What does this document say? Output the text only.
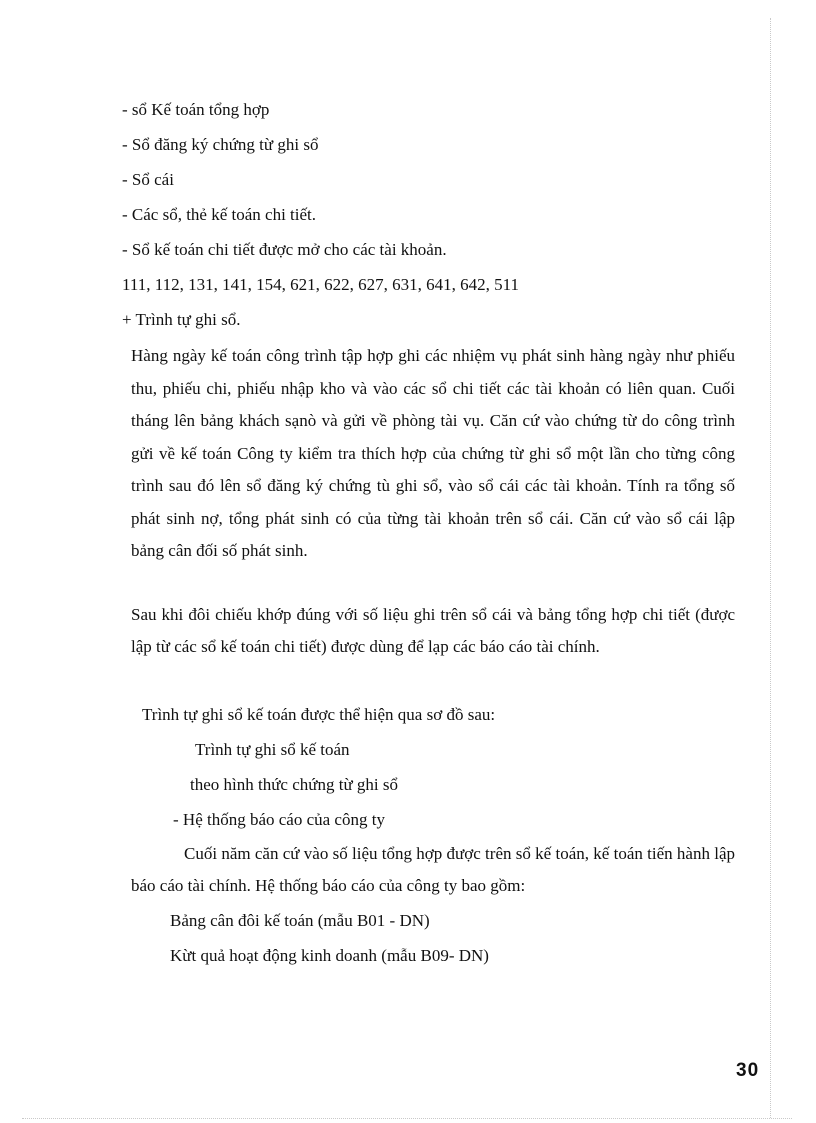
- sổ Kế toán tổng hợp
- Sổ đăng ký chứng từ ghi sổ
- Sổ cái
- Các sổ, thẻ kế toán chi tiết.
- Sổ kế toán chi tiết được mở cho các tài khoản.
111, 112, 131, 141, 154, 621, 622, 627, 631, 641, 642, 511
+ Trình tự ghi sổ.

Hàng ngày kế toán công trình tập hợp ghi các nhiệm vụ phát sinh hàng ngày như phiếu thu, phiếu chi, phiếu nhập kho và vào các sổ chi tiết các tài khoản có liên quan. Cuối tháng lên bảng khách sạnò và gửi về phòng tài vụ. Căn cứ vào chứng từ do công trình gửi về kế toán Công ty kiểm tra thích hợp của chứng từ ghi sổ một lần cho từng công trình sau đó lên sổ đăng ký chứng tù ghi sổ, vào sổ cái các tài khoản. Tính ra tổng số phát sinh nợ, tổng phát sinh có của từng tài khoản trên sổ cái. Căn cứ vào sổ cái lập bảng cân đối số phát sinh.

Sau khi đôi chiếu khớp đúng với số liệu ghi trên sổ cái và bảng tổng hợp chi tiết (được lập từ các sổ kế toán chi tiết) được dùng để lạp các báo cáo tài chính.

Trình tự ghi sổ kế toán được thể hiện qua sơ đồ sau:
Trình tự ghi sổ kế toán
theo hình thức chứng từ ghi sổ
- Hệ thống báo cáo của công ty

Cuối năm căn cứ vào số liệu tổng hợp được trên sổ kế toán, kế toán tiến hành lập báo cáo tài chính. Hệ thống báo cáo của công ty bao gồm:

Bảng cân đôi kế toán (mẫu B01 - DN)
Kừt quả hoạt động kinh doanh (mẫu B09- DN)
30
